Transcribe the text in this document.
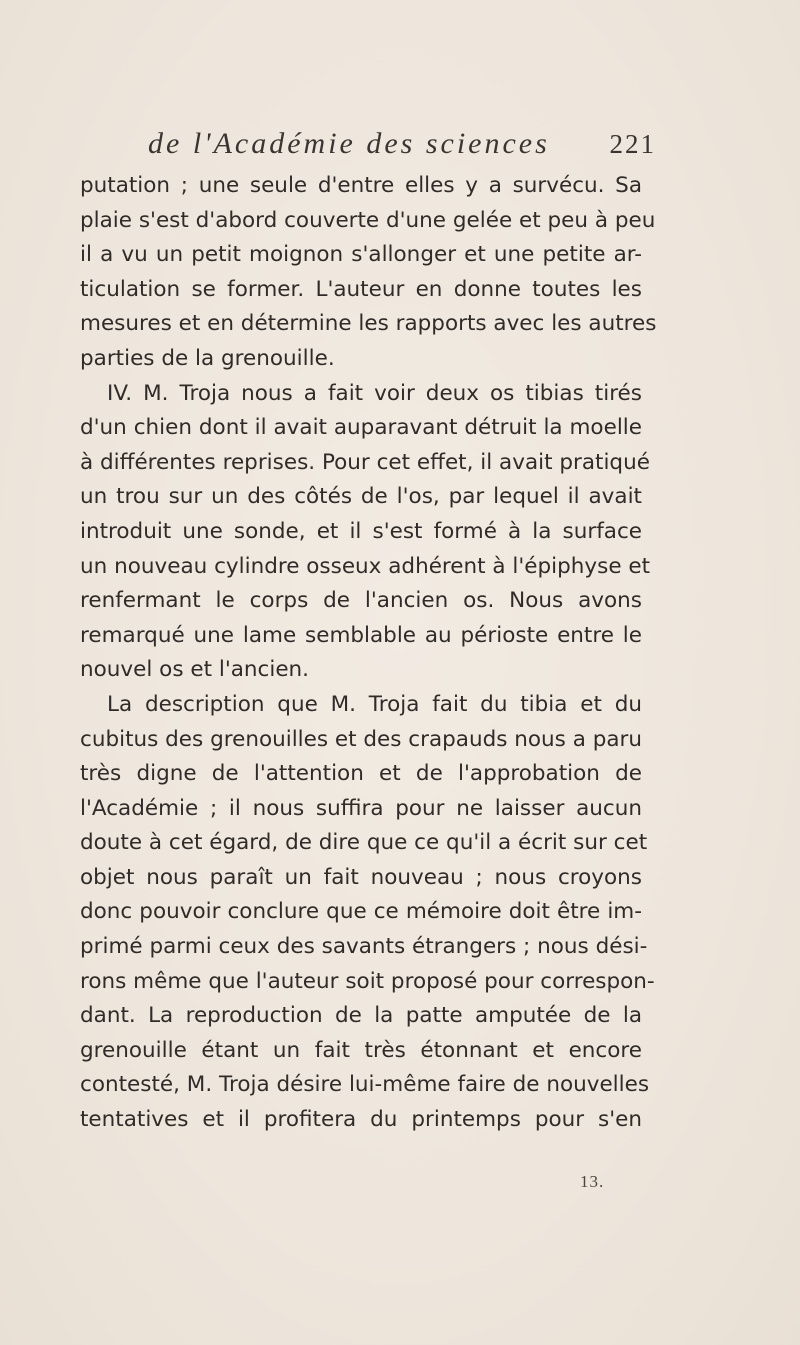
de l'Académie des sciences 221
putation ; une seule d'entre elles y a survécu. Sa
plaie s'est d'abord couverte d'une gelée et peu à peu
il a vu un petit moignon s'allonger et une petite ar-
ticulation se former. L'auteur en donne toutes les
mesures et en détermine les rapports avec les autres
parties de la grenouille.
IV. M. Troja nous a fait voir deux os tibias tirés
d'un chien dont il avait auparavant détruit la moelle
à différentes reprises. Pour cet effet, il avait pratiqué
un trou sur un des côtés de l'os, par lequel il avait
introduit une sonde, et il s'est formé à la surface
un nouveau cylindre osseux adhérent à l'épiphyse et
renfermant le corps de l'ancien os. Nous avons
remarqué une lame semblable au périoste entre le
nouvel os et l'ancien.
La description que M. Troja fait du tibia et du
cubitus des grenouilles et des crapauds nous a paru
très digne de l'attention et de l'approbation de
l'Académie ; il nous suffira pour ne laisser aucun
doute à cet égard, de dire que ce qu'il a écrit sur cet
objet nous paraît un fait nouveau ; nous croyons
donc pouvoir conclure que ce mémoire doit être im-
primé parmi ceux des savants étrangers ; nous dési-
rons même que l'auteur soit proposé pour correspon-
dant. La reproduction de la patte amputée de la
grenouille étant un fait très étonnant et encore
contesté, M. Troja désire lui-même faire de nouvelles
tentatives et il profitera du printemps pour s'en
13.
